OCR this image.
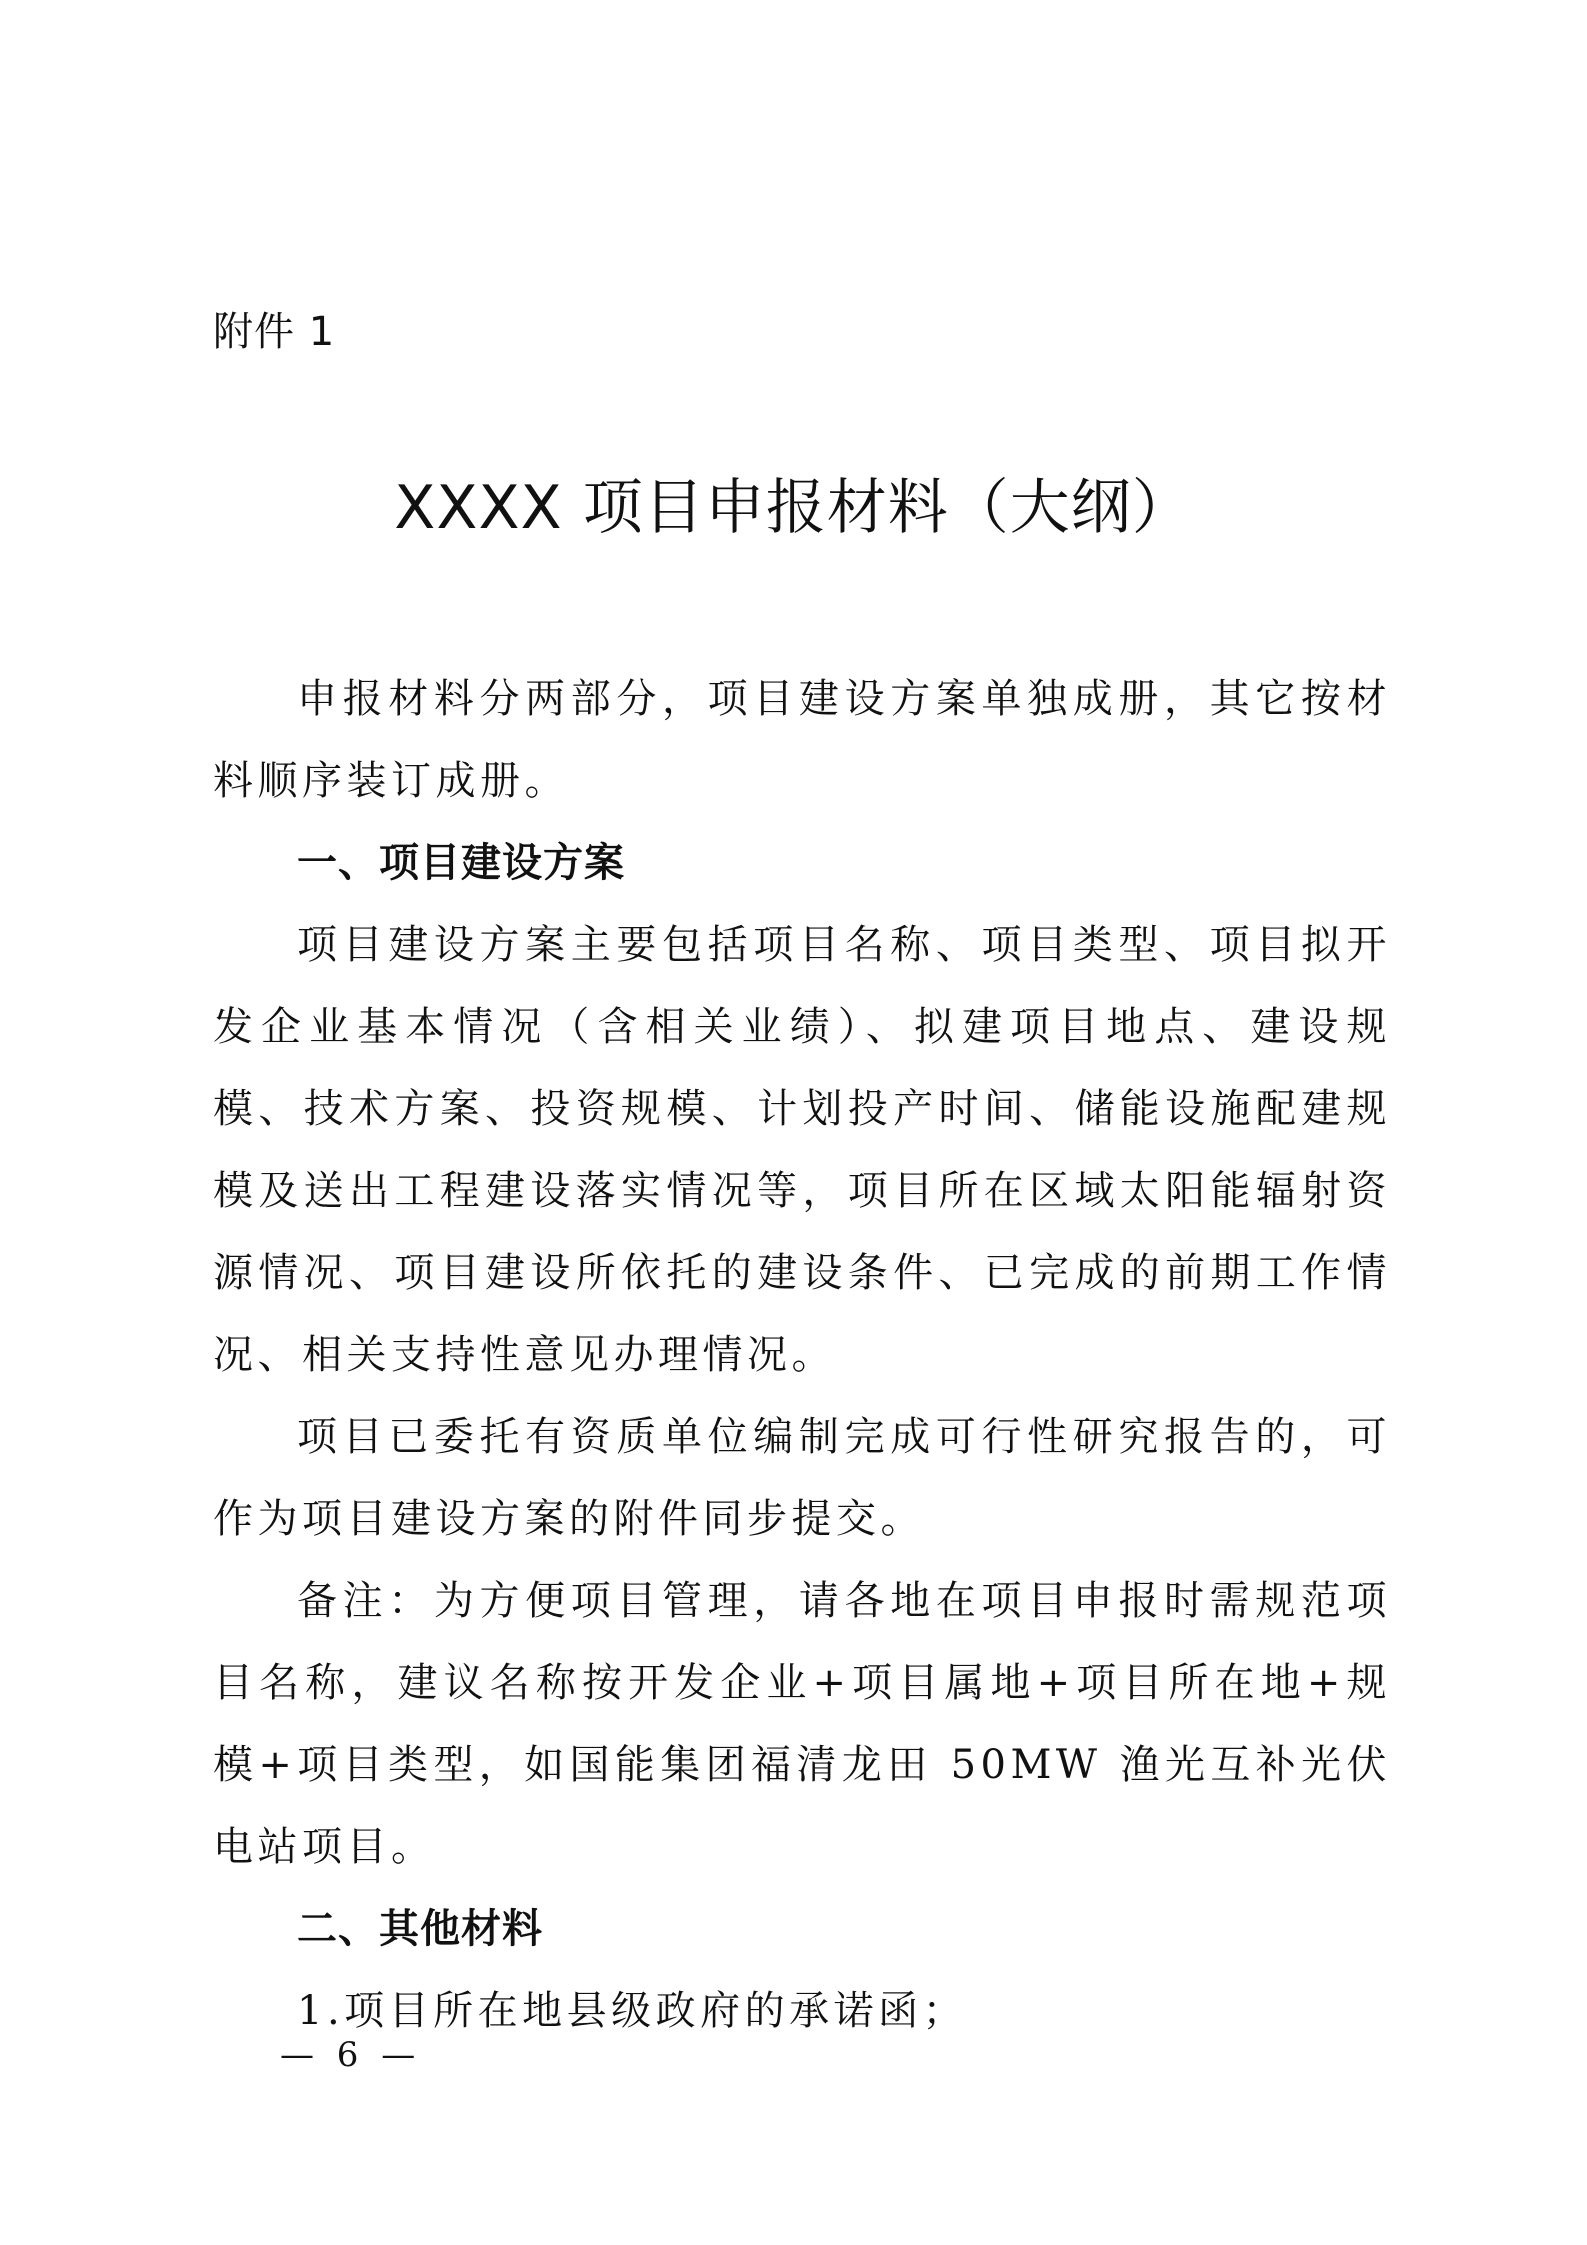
附件 1
XXXX 项目申报材料（大纲）

申报材料分两部分，项目建设方案单独成册，其它按材料顺序装订成册。

一、项目建设方案

项目建设方案主要包括项目名称、项目类型、项目拟开发企业基本情况（含相关业绩）、拟建项目地点、建设规模、技术方案、投资规模、计划投产时间、储能设施配建规模及送出工程建设落实情况等，项目所在区域太阳能辐射资源情况、项目建设所依托的建设条件、已完成的前期工作情况、相关支持性意见办理情况。

项目已委托有资质单位编制完成可行性研究报告的，可作为项目建设方案的附件同步提交。

备注：为方便项目管理，请各地在项目申报时需规范项目名称，建议名称按开发企业+项目属地+项目所在地+规模+项目类型，如国能集团福清龙田 50MW 渔光互补光伏电站项目。

二、其他材料

1.项目所在地县级政府的承诺函；

— 6 —
